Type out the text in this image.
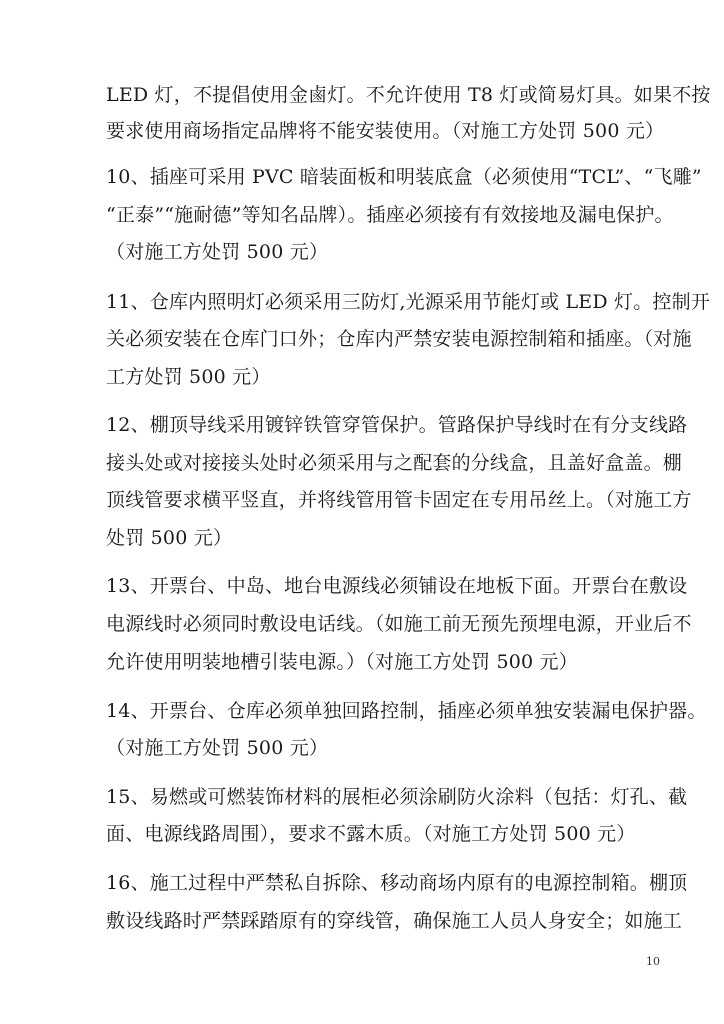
LED 灯，不提倡使用金鹵灯。不允许使用 T8 灯或简易灯具。如果不按
要求使用商场指定品牌将不能安装使用。（对施工方处罚 500 元）
10、插座可采用 PVC 暗装面板和明装底盒（必须使用“TCL”、“飞雕”
“正泰”“施耐德”等知名品牌）。插座必须接有有效接地及漏电保护。
（对施工方处罚 500 元）
11、仓库内照明灯必须采用三防灯,光源采用节能灯或 LED 灯。控制开
关必须安装在仓库门口外；仓库内严禁安装电源控制箱和插座。（对施
工方处罚 500 元）
12、棚顶导线采用镀锌铁管穿管保护。管路保护导线时在有分支线路
接头处或对接接头处时必须采用与之配套的分线盒，且盖好盒盖。棚
顶线管要求横平竖直，并将线管用管卡固定在专用吊丝上。（对施工方
处罚 500 元）
13、开票台、中岛、地台电源线必须铺设在地板下面。开票台在敷设
电源线时必须同时敷设电话线。（如施工前无预先预埋电源，开业后不
允许使用明装地槽引装电源。）（对施工方处罚 500 元）
14、开票台、仓库必须单独回路控制，插座必须单独安装漏电保护器。
（对施工方处罚 500 元）
15、易燃或可燃装饰材料的展柜必须涂刷防火涂料（包括：灯孔、截
面、电源线路周围），要求不露木质。（对施工方处罚 500 元）
16、施工过程中严禁私自拆除、移动商场内原有的电源控制箱。棚顶
敷设线路时严禁踩踏原有的穿线管，确保施工人员人身安全；如施工
10
